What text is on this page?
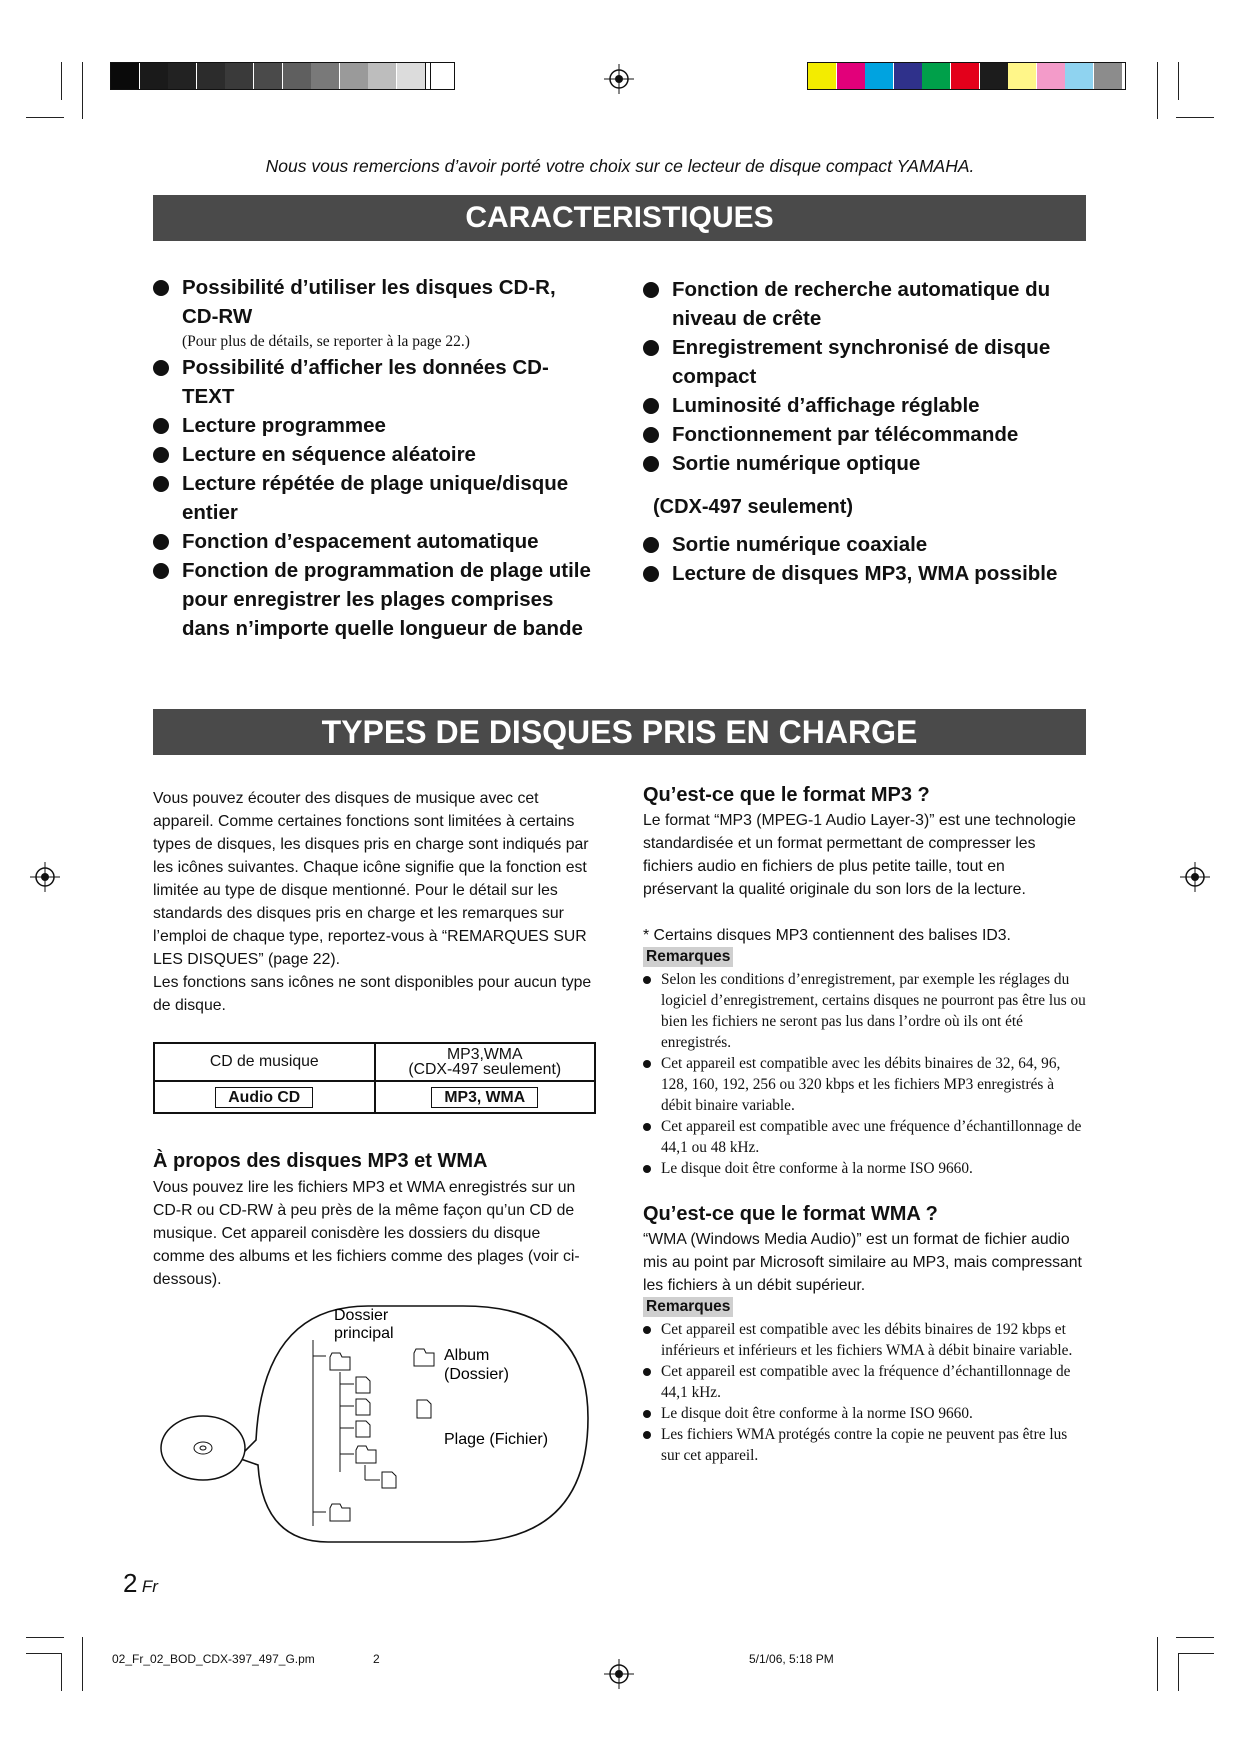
Nous vous remercions d’avoir porté votre choix sur ce lecteur de disque compact YAMAHA.
CARACTERISTIQUES
Possibilité d’utiliser les disques CD-R, CD-RW
(Pour plus de détails, se reporter à la page 22.)
Possibilité d’afficher les données CD-TEXT
Lecture programmee
Lecture en séquence aléatoire
Lecture répétée de plage unique/disque entier
Fonction d’espacement automatique
Fonction de programmation de plage utile pour enregistrer les plages comprises dans n’importe quelle longueur de bande
Fonction de recherche automatique du niveau de crête
Enregistrement synchronisé de disque compact
Luminosité d’affichage réglable
Fonctionnement par télécommande
Sortie numérique optique
(CDX-497 seulement)
Sortie numérique coaxiale
Lecture de disques MP3, WMA possible
TYPES DE DISQUES PRIS EN CHARGE
Vous pouvez écouter des disques de musique avec cet appareil. Comme certaines fonctions sont limitées à certains types de disques, les disques pris en charge sont indiqués par les icônes suivantes. Chaque icône signifie que la fonction est limitée au type de disque mentionné. Pour le détail sur les standards des disques pris en charge et les remarques sur l’emploi de chaque type, reportez-vous à “REMARQUES SUR LES DISQUES” (page 22).
Les fonctions sans icônes ne sont disponibles pour aucun type de disque.
CD de musique	MP3,WMA
(CDX-497 seulement)

Audio CD	MP3, WMA
À propos des disques MP3 et WMA

Vous pouvez lire les fichiers MP3 et WMA enregistrés sur un CD-R ou CD-RW à peu près de la même façon qu’un CD de musique. Cet appareil conisdère les dossiers du disque comme des albums et les fichiers comme des plages (voir ci-dessous).

Dossier
principal
Album
(Dossier)
Plage (Fichier)
Qu’est-ce que le format MP3 ?

Le format “MP3 (MPEG-1 Audio Layer-3)” est une technologie standardisée et un format permettant de compresser les fichiers audio en fichiers de plus petite taille, tout en préservant la qualité originale du son lors de la lecture.

* Certains disques MP3 contiennent des balises ID3.
Remarques
Selon les conditions d’enregistrement, par exemple les réglages du logiciel d’enregistrement, certains disques ne pourront pas être lus ou bien les fichiers ne seront pas lus dans l’ordre où ils ont été enregistrés.
Cet appareil est compatible avec les débits binaires de 32, 64, 96, 128, 160, 192, 256 ou 320 kbps et les fichiers MP3 enregistrés à débit binaire variable.
Cet appareil est compatible avec une fréquence d’échantillonnage de 44,1 ou 48 kHz.
Le disque doit être conforme à la norme ISO 9660.
Qu’est-ce que le format WMA ?

“WMA (Windows Media Audio)” est un format de fichier audio mis au point par Microsoft similaire au MP3, mais compressant les fichiers à un débit supérieur.

Remarques
Cet appareil est compatible avec les débits binaires de 192 kbps et inférieurs et inférieurs et les fichiers WMA à débit binaire variable.
Cet appareil est compatible avec la fréquence d’échantillonnage de 44,1 kHz.
Le disque doit être conforme à la norme ISO 9660.
Les fichiers WMA protégés contre la copie ne peuvent pas être lus sur cet appareil.
2 Fr
02_Fr_02_BOD_CDX-397_497_G.pm	2	5/1/06, 5:18 PM
